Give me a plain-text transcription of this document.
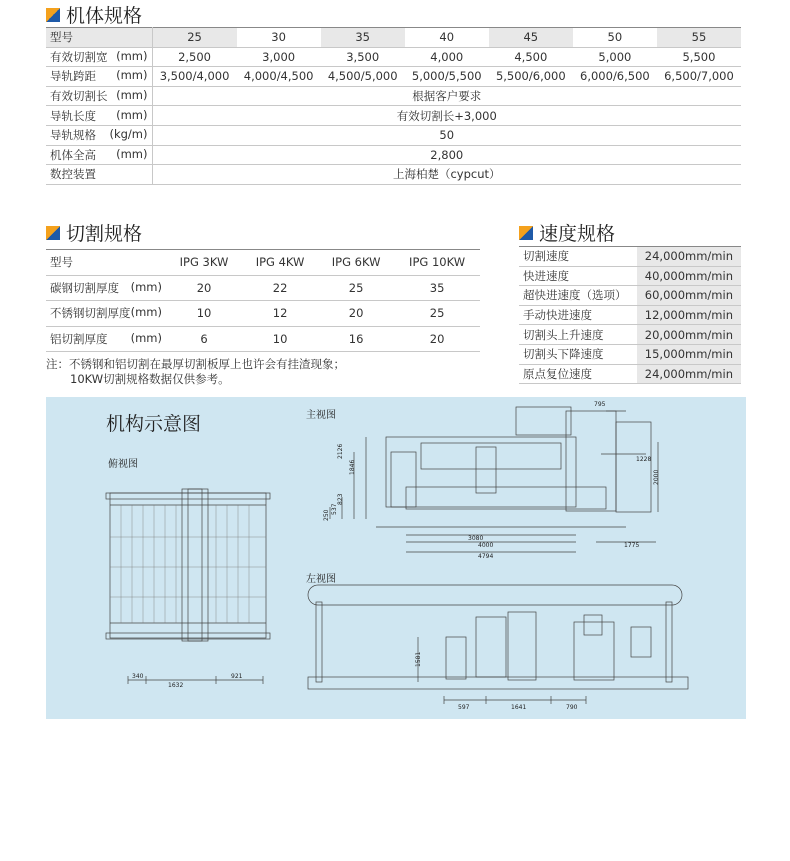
机体规格
型号	25	30	35	40	45	50	55

有效切割宽 (mm)	2,500	3,000	3,500	4,000	4,500	5,000	5,500

导轨跨距 (mm)	3,500/4,000	4,000/4,500	4,500/5,000	5,000/5,500	5,500/6,000	6,000/6,500	6,500/7,000

有效切割长 (mm)	根据客户要求						

导轨长度 (mm)	有效切割长+3,000						

导轨规格 (kg/m)	50						

机体全高 (mm)	2,800						

数控装置	上海柏楚（cypcut）						
切割规格
型号	IPG 3KW	IPG 4KW	IPG 6KW	IPG 10KW

碳钢切割厚度 (mm)	20	22	25	35

不锈钢切割厚度 (mm)	10	12	20	25

铝切割厚度 (mm)	6	10	16	20
注：不锈钢和铝切割在最厚切割板厚上也许会有挂渣现象；
10KW切割规格数据仅供参考。
速度规格
切割速度	24,000mm/min
快进速度	40,000mm/min
超快进速度（选项）	60,000mm/min
手动快进速度	12,000mm/min
切割头上升速度	20,000mm/min
切割头下降速度	15,000mm/min
原点复位速度	24,000mm/min
机构示意图
俯视图
主视图
左视图
340
1632
921
795
1228
2000
2126
1846
823
537
250
3080
4000
4794
1775
1581
597	1641	790
